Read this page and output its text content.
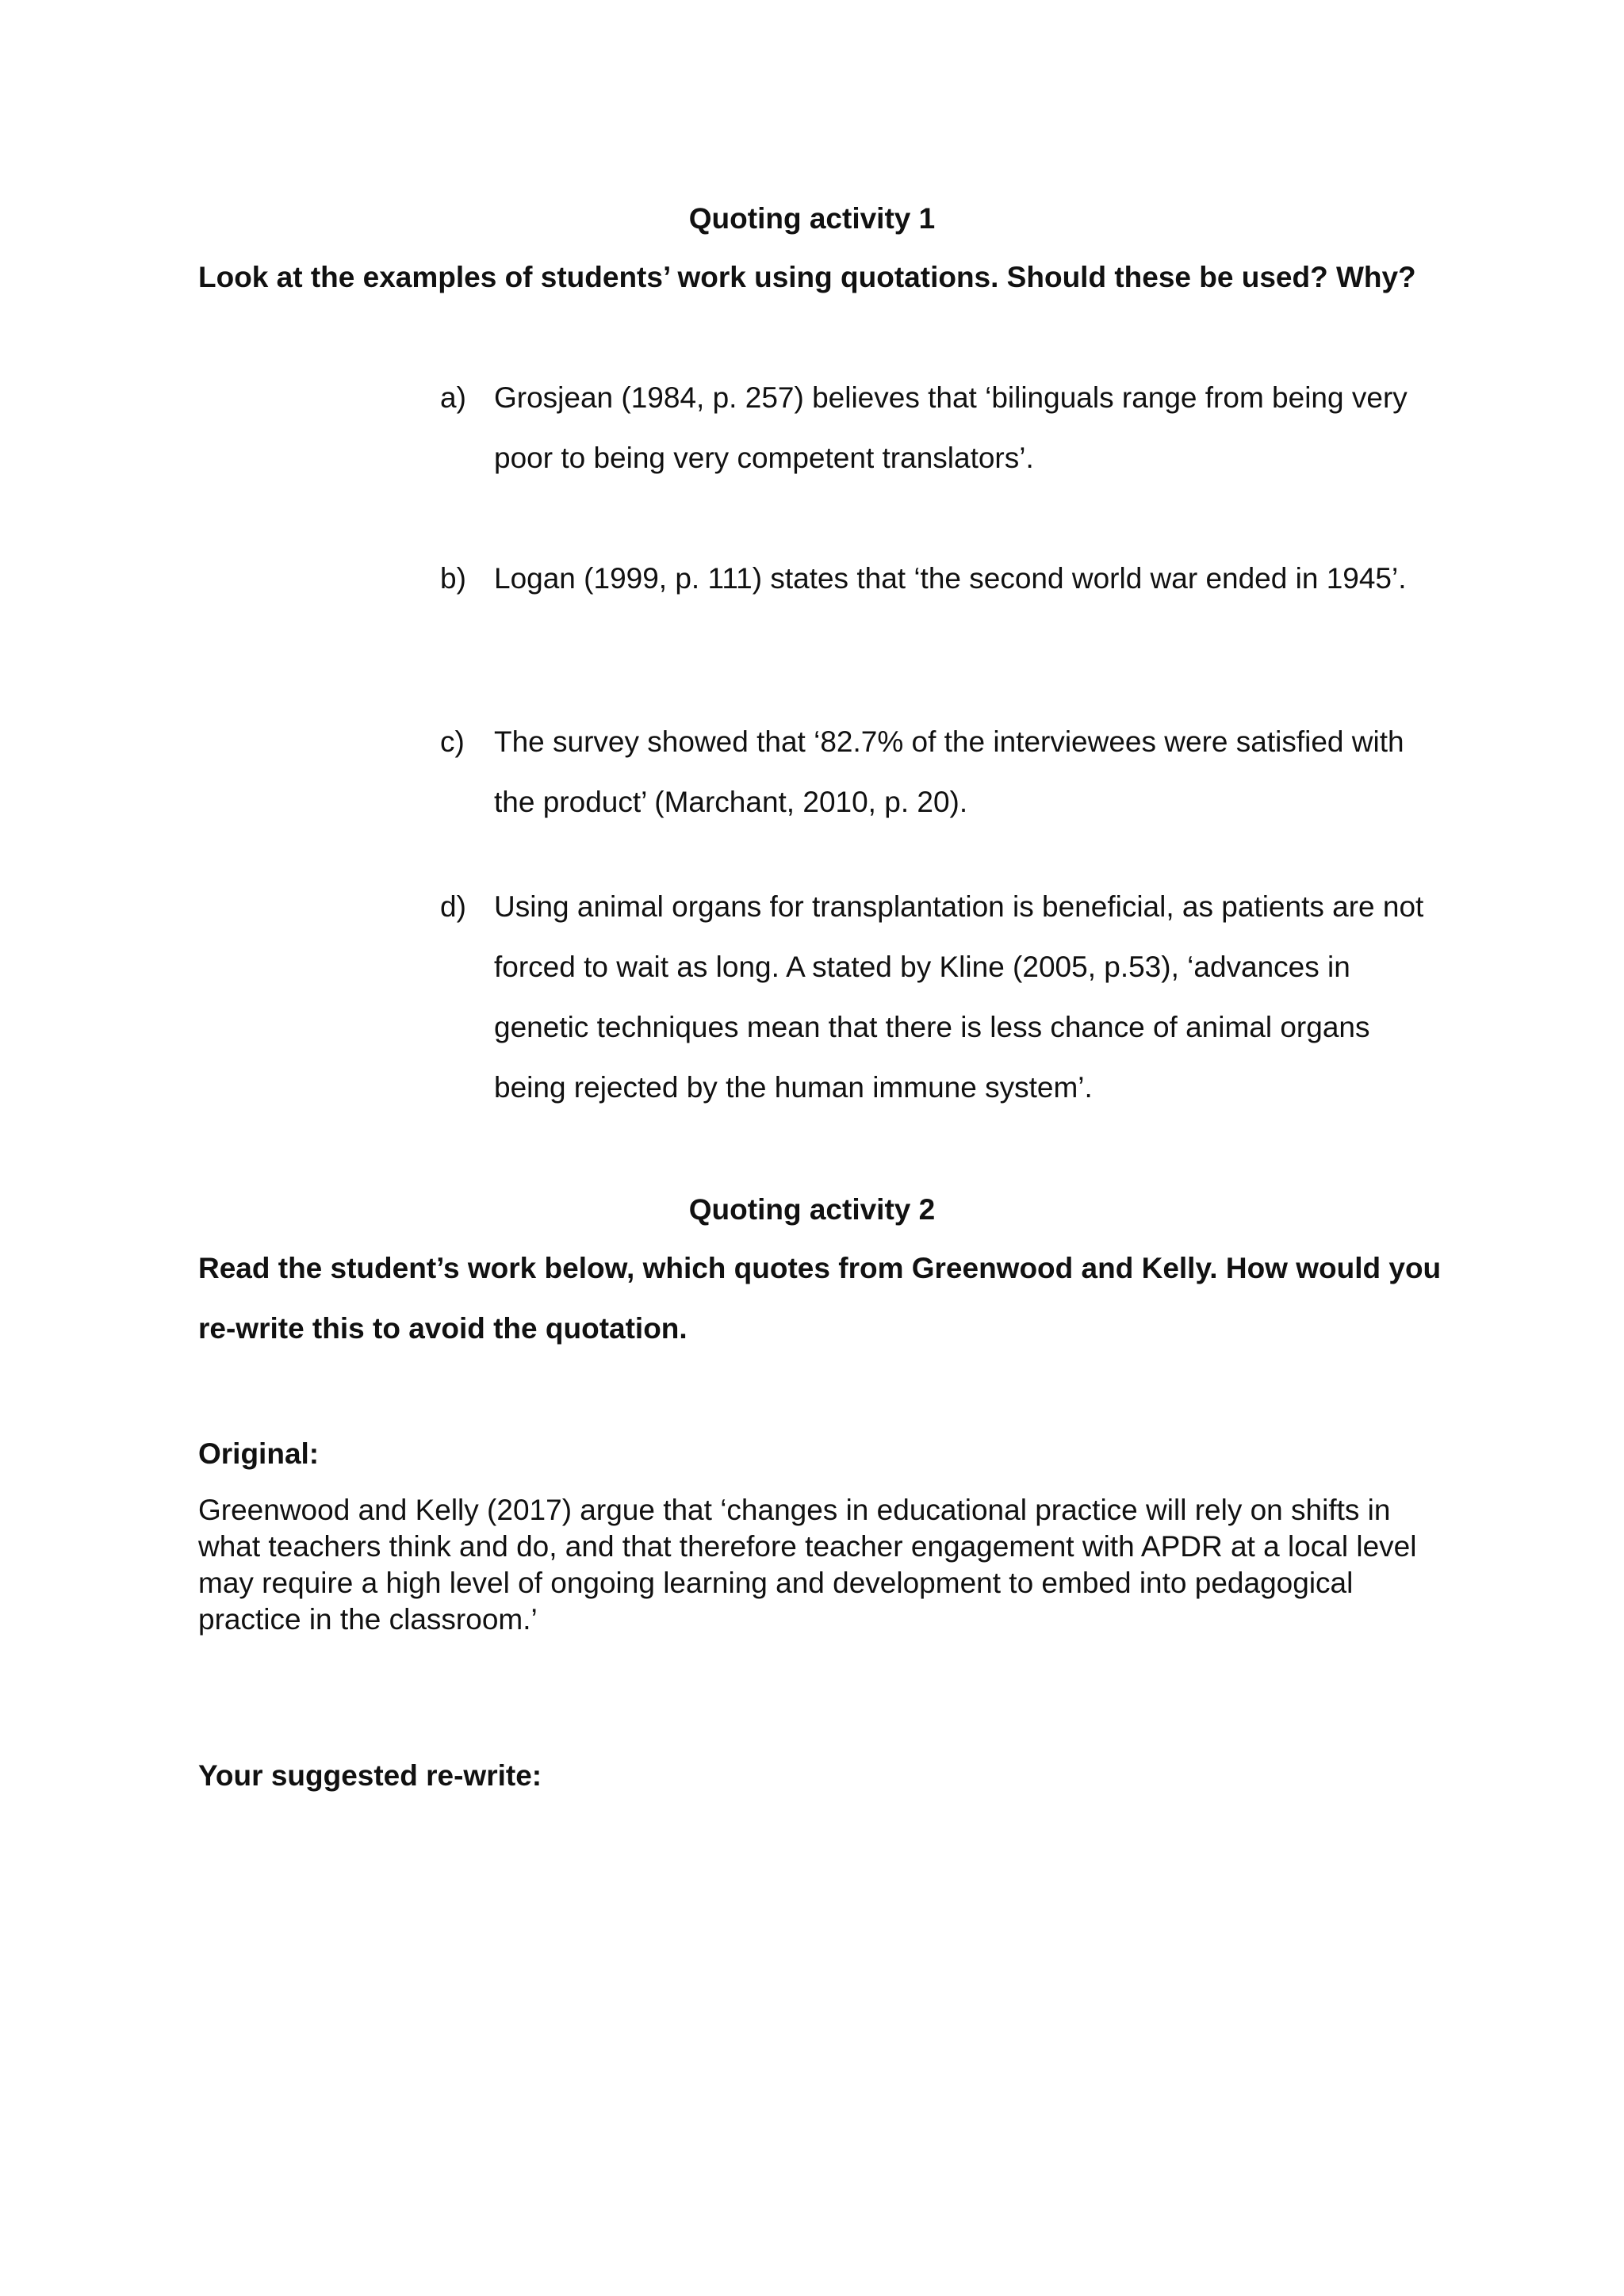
Quoting activity 1
Look at the examples of students’ work using quotations. Should these be used? Why?
a) Grosjean (1984, p. 257) believes that ‘bilinguals range from being very poor to being very competent translators’.
b) Logan (1999, p. 111) states that ‘the second world war ended in 1945’.
c)	The survey showed that ‘82.7% of the interviewees were satisfied with the product’ (Marchant, 2010, p. 20).
d) Using animal organs for transplantation is beneficial, as patients are not forced to wait as long. A stated by Kline (2005, p.53), ‘advances in genetic techniques mean that there is less chance of animal organs being rejected by the human immune system’.
Quoting activity 2
Read the student’s work below, which quotes from Greenwood and Kelly. How would you re-write this to avoid the quotation.
Original:
Greenwood and Kelly (2017) argue that ‘changes in educational practice will rely on shifts in what teachers think and do, and that therefore teacher engagement with APDR at a local level may require a high level of ongoing learning and development to embed into pedagogical practice in the classroom.’
Your suggested re-write:
